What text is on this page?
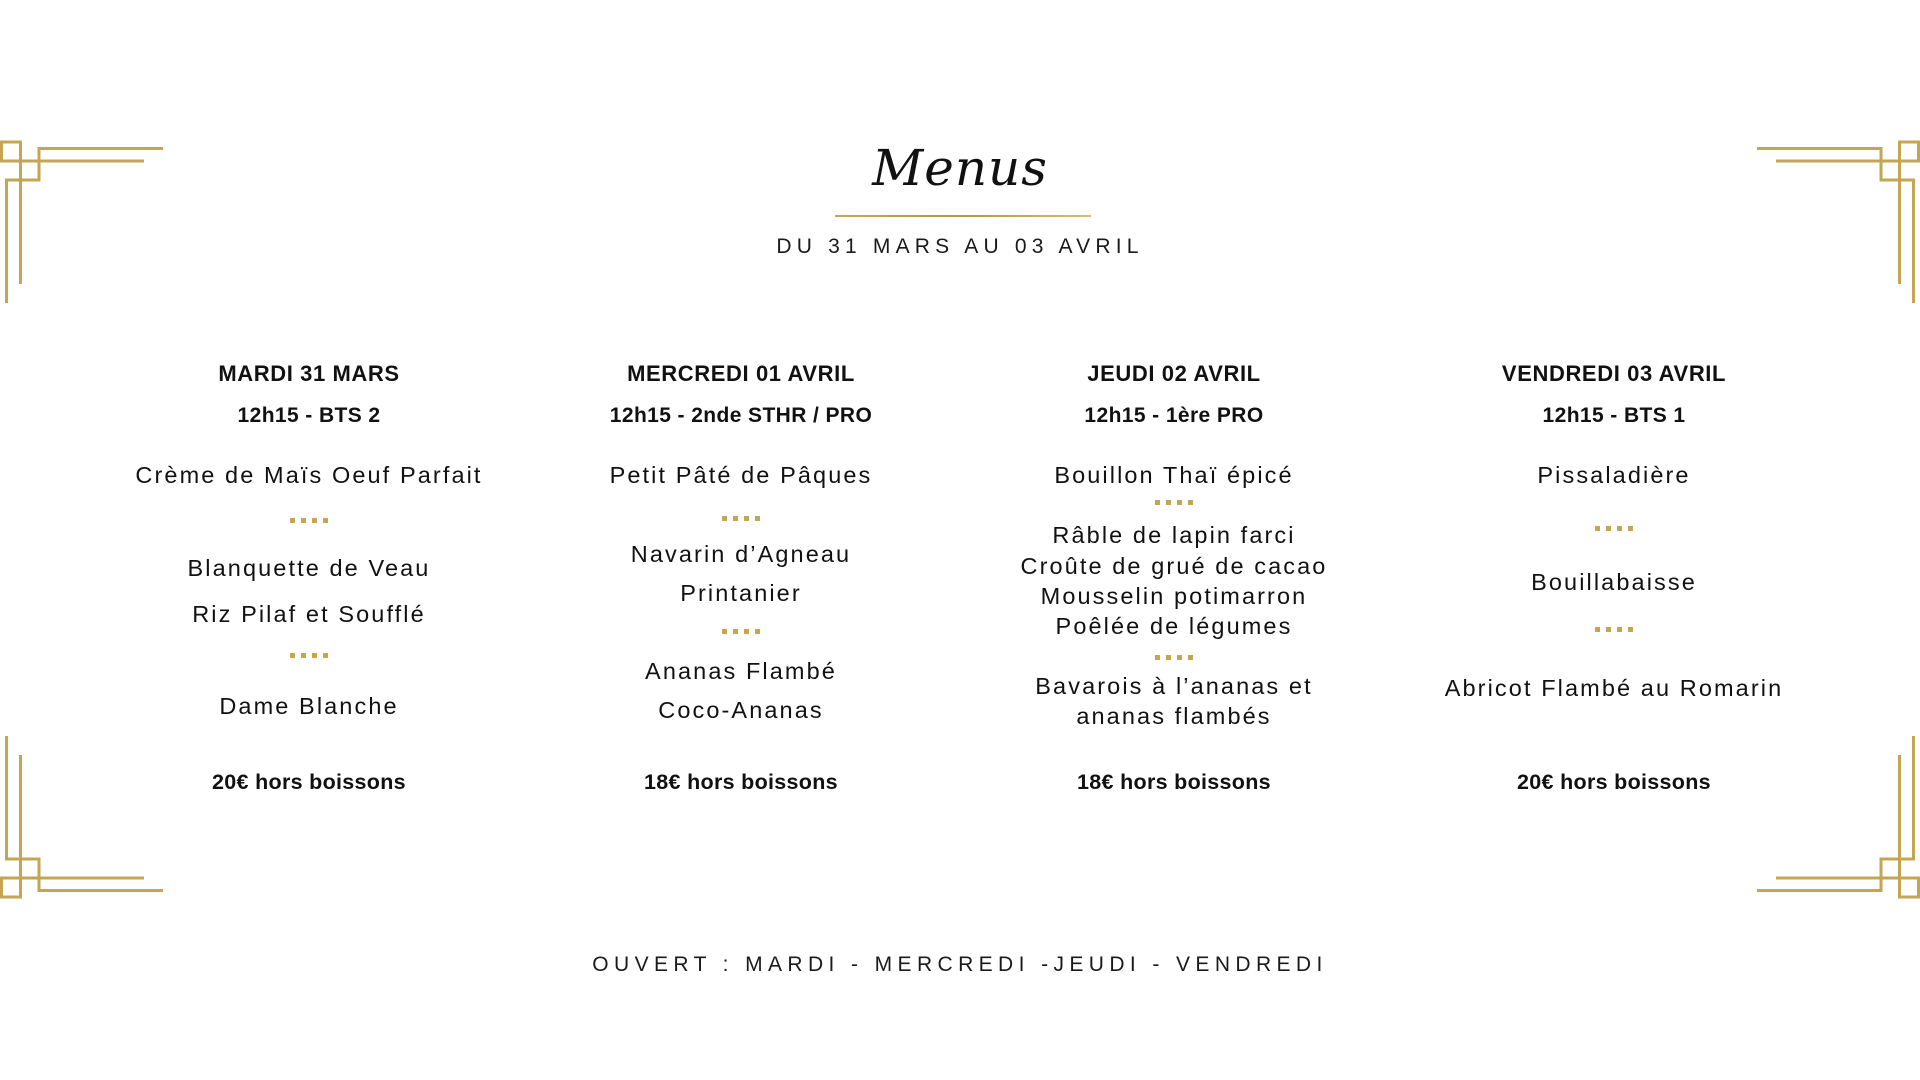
Menus
DU 31 MARS AU 03 AVRIL
MARDI 31 MARS
12h15 - BTS 2
Crème de Maïs Oeuf Parfait
Blanquette de Veau
Riz Pilaf et Soufflé
Dame Blanche
20€ hors boissons
MERCREDI 01 AVRIL
12h15 - 2nde STHR / PRO
Petit Pâté de Pâques
Navarin d’Agneau
Printanier
Ananas Flambé
Coco-Ananas
18€ hors boissons
JEUDI 02 AVRIL
12h15 - 1ère PRO
Bouillon Thaï épicé
Râble de lapin farci
Croûte de grué de cacao
Mousselin potimarron
Poêlée de légumes
Bavarois à l’ananas et
ananas flambés
18€ hors boissons
VENDREDI 03 AVRIL
12h15 - BTS 1
Pissaladière
Bouillabaisse
Abricot Flambé au Romarin
20€ hors boissons
OUVERT : MARDI - MERCREDI -JEUDI - VENDREDI
